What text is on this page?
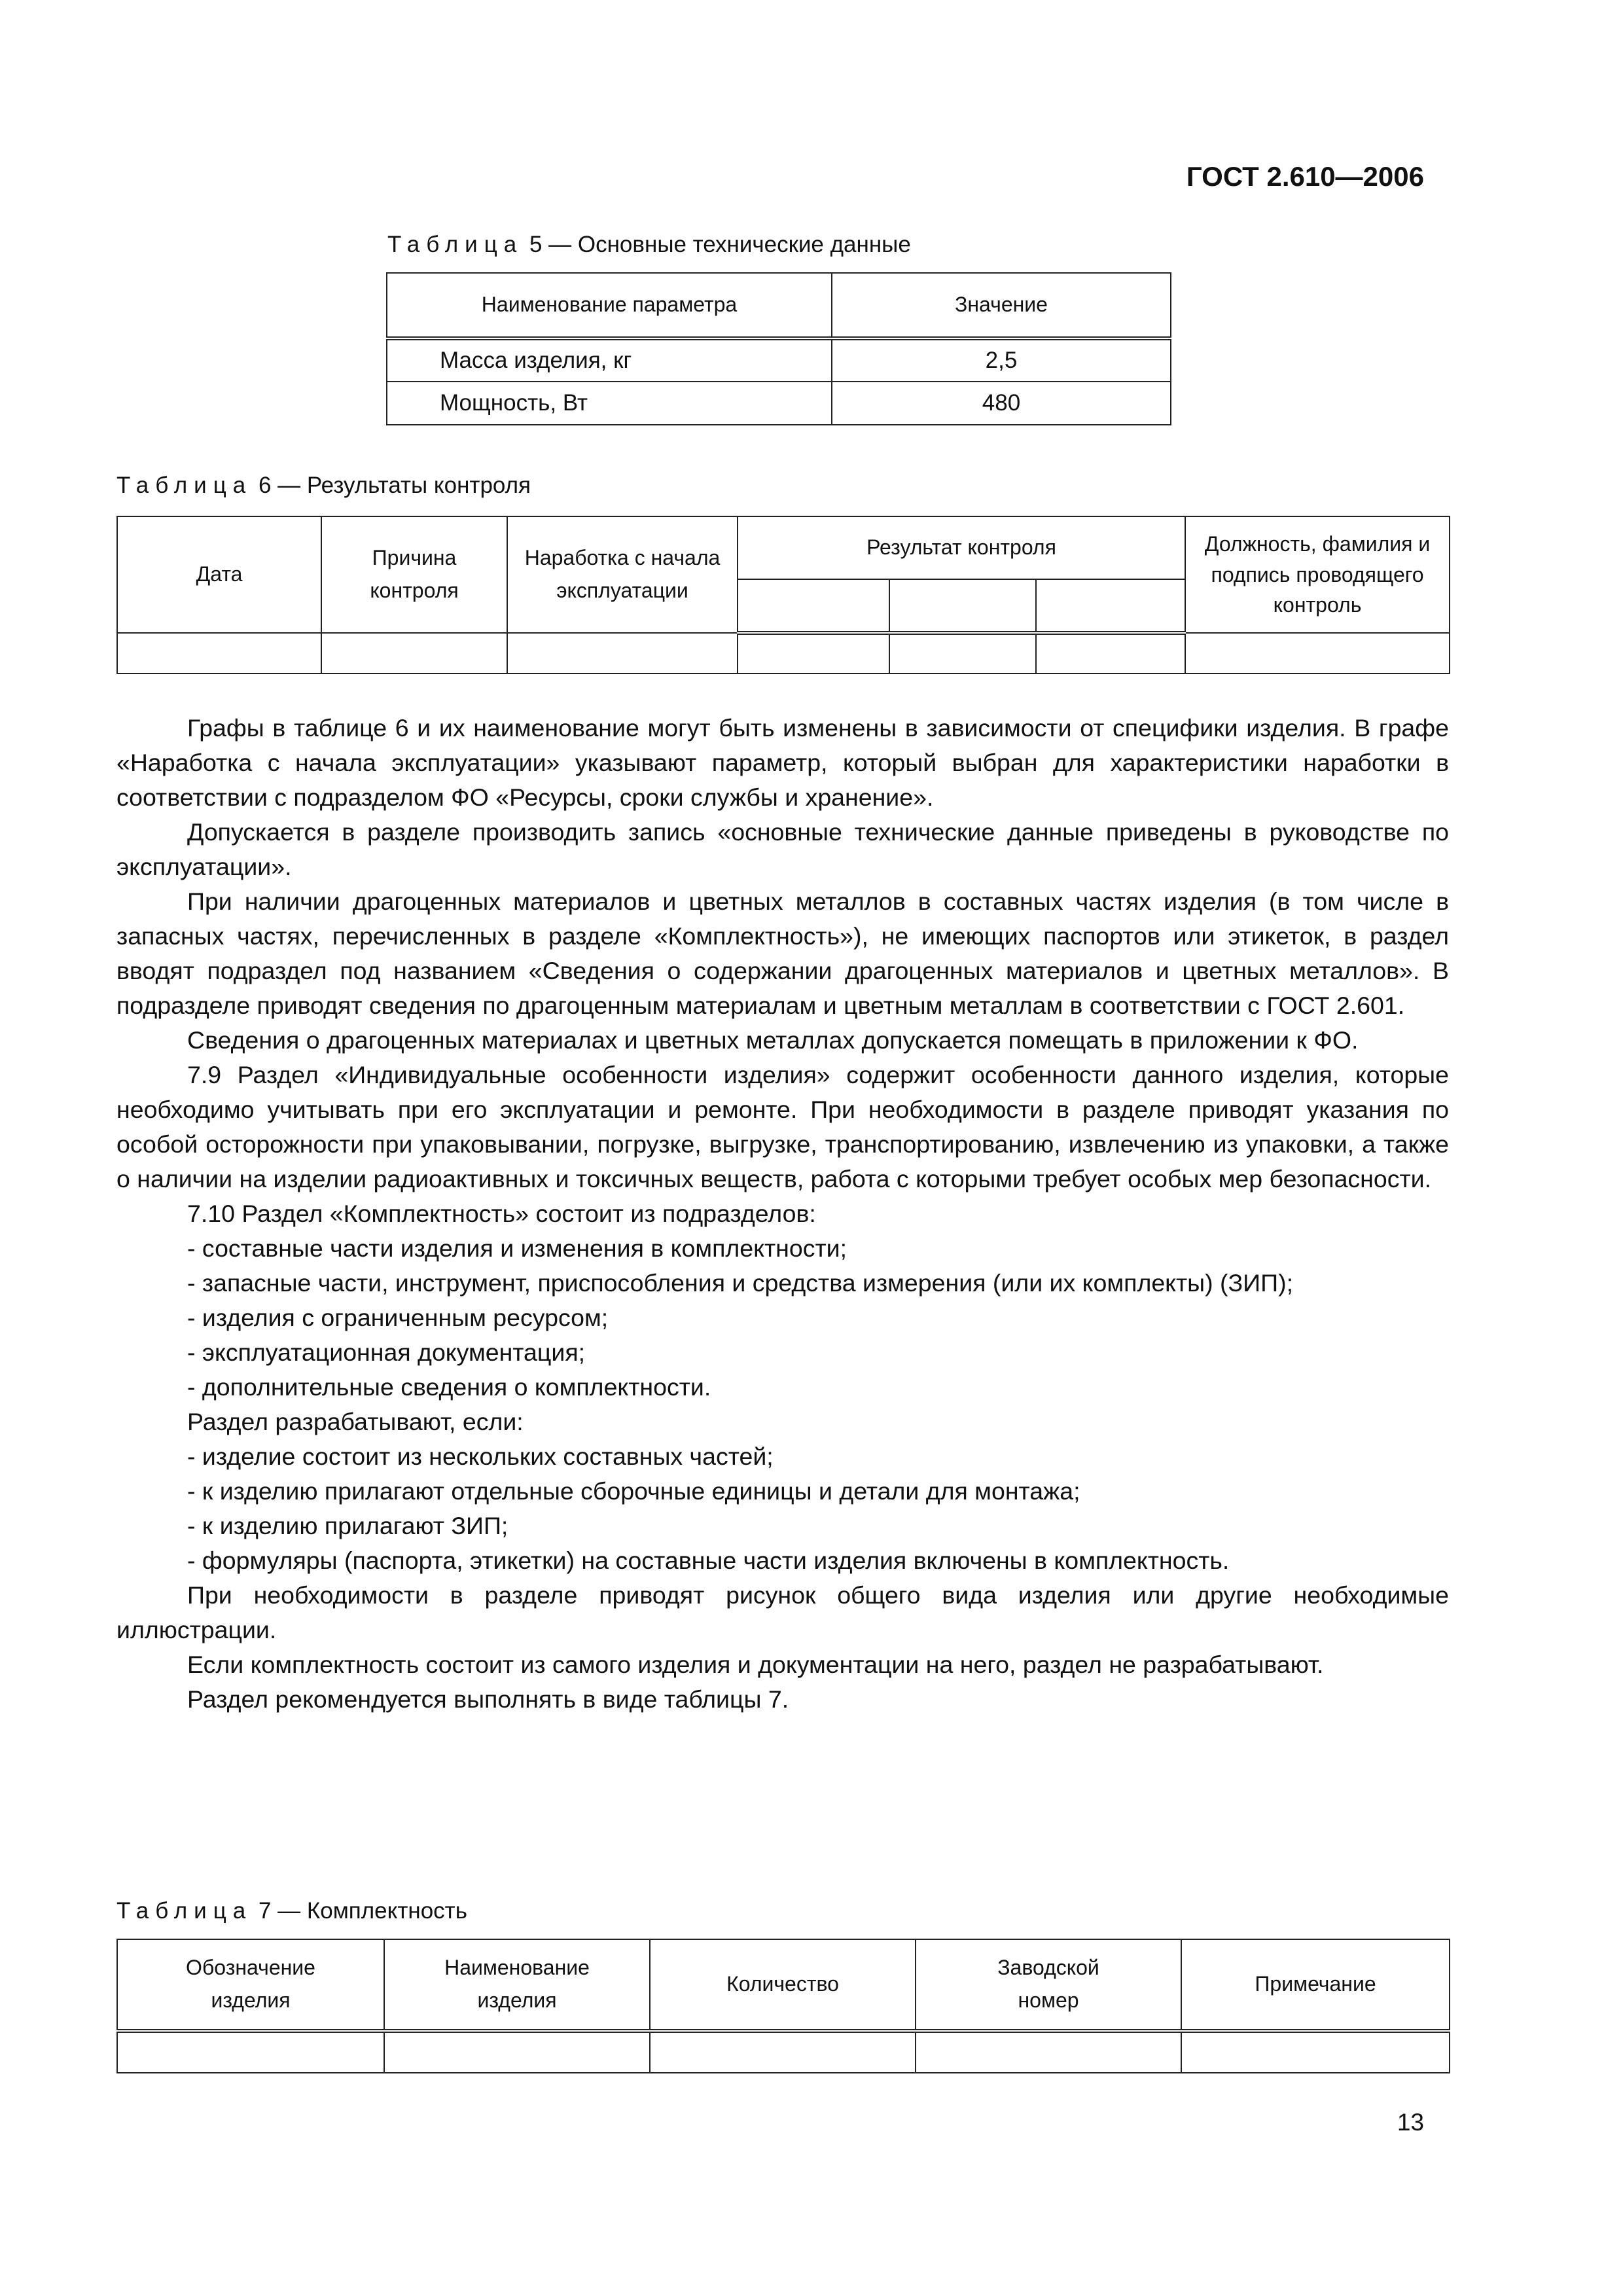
ГОСТ 2.610—2006
Таблица 5 — Основные технические данные
Наименование параметра	Значение
Масса изделия, кг	2,5
Мощность, Вт	480
Таблица 6 — Результаты контроля
Дата	Причина контроля	Наработка с начала эксплуатации	Результат контроля			Должность, фамилия и подпись проводящего контроль

Графы в таблице 6 и их наименование могут быть изменены в зависимости от специфики изделия. В графе «Наработка с начала эксплуатации» указывают параметр, который выбран для характеристики наработки в соответствии с подразделом ФО «Ресурсы, сроки службы и хранение».

Допускается в разделе производить запись «основные технические данные приведены в руководстве по эксплуатации».

При наличии драгоценных материалов и цветных металлов в составных частях изделия (в том числе в запасных частях, перечисленных в разделе «Комплектность»), не имеющих паспортов или этикеток, в раздел вводят подраздел под названием «Сведения о содержании драгоценных материалов и цветных металлов». В подразделе приводят сведения по драгоценным материалам и цветным металлам в соответствии с ГОСТ 2.601.

Сведения о драгоценных материалах и цветных металлах допускается помещать в приложении к ФО.

7.9 Раздел «Индивидуальные особенности изделия» содержит особенности данного изделия, которые необходимо учитывать при его эксплуатации и ремонте. При необходимости в разделе приводят указания по особой осторожности при упаковывании, погрузке, выгрузке, транспортированию, извлечению из упаковки, а также о наличии на изделии радиоактивных и токсичных веществ, работа с которыми требует особых мер безопасности.

7.10 Раздел «Комплектность» состоит из подразделов:

- составные части изделия и изменения в комплектности;

- запасные части, инструмент, приспособления и средства измерения (или их комплекты) (ЗИП);

- изделия с ограниченным ресурсом;

- эксплуатационная документация;

- дополнительные сведения о комплектности.

Раздел разрабатывают, если:

- изделие состоит из нескольких составных частей;

- к изделию прилагают отдельные сборочные единицы и детали для монтажа;

- к изделию прилагают ЗИП;

- формуляры (паспорта, этикетки) на составные части изделия включены в комплектность.

При необходимости в разделе приводят рисунок общего вида изделия или другие необходимые иллюстрации.

Если комплектность состоит из самого изделия и документации на него, раздел не разрабатывают.

Раздел рекомендуется выполнять в виде таблицы 7.

Таблица 7 — Комплектность
Обозначение изделия	Наименование изделия	Количество	Заводской номер	Примечание

13
